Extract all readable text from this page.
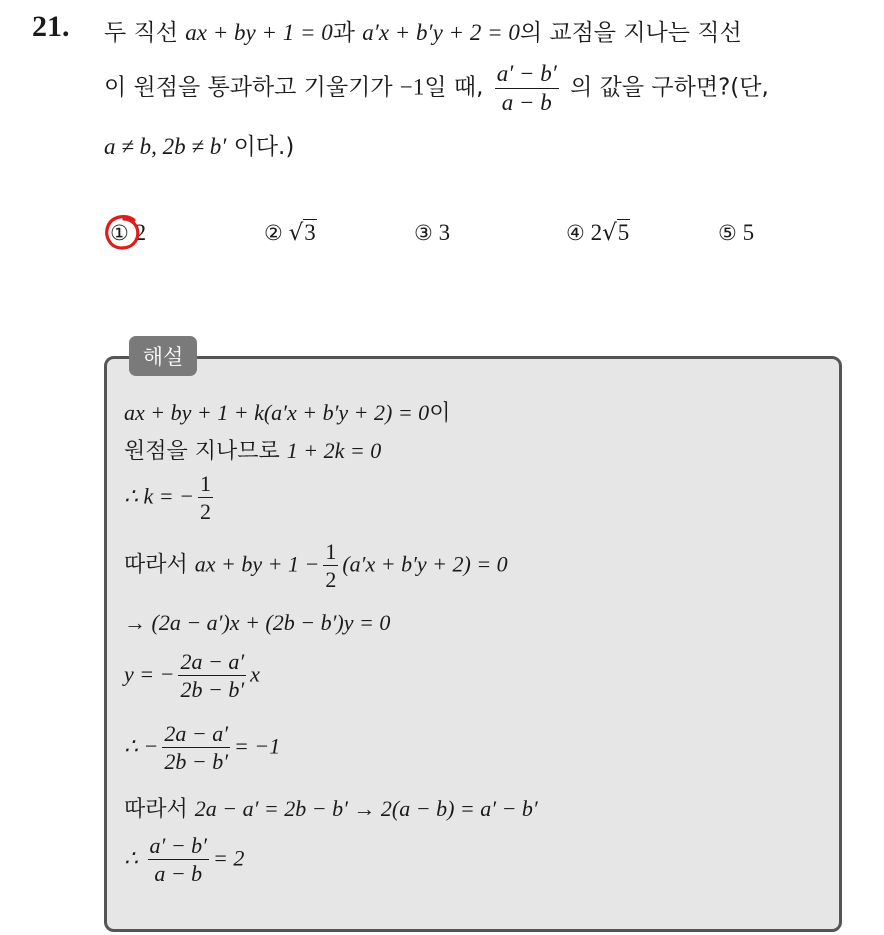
21. 두 직선 ax + by + 1 = 0과 a′x + b′y + 2 = 0의 교점을 지나는 직선
이 원점을 통과하고 기울기가 −1일 때, $\frac{a' - b'}{a - b}$ 의 값을 구하면?(단,
a ≠ b, 2b ≠ b′ 이다.)
① 2	② √3	③ 3	④ 2√5	⑤ 5
해설
ax + by + 1 + k(a′x + b′y + 2) = 0이
원점을 지나므로 1 + 2k = 0
∴ k = − $\frac{1}{2}$
따라서 ax + by + $1 - \frac{1}{2} (a'x + b'y + 2) = 0$
→ (2a − a′)x + (2b − b′)y = 0
y = − $\frac{2a - a'}{2b - b'}$ x
∴ − $\frac{2a - a'}{2b - b'} = -1$
따라서 2a − a′ = 2b − b′ → 2(a − b) = a′ − b′
∴ $\frac{a' - b'}{a - b} = 2$
